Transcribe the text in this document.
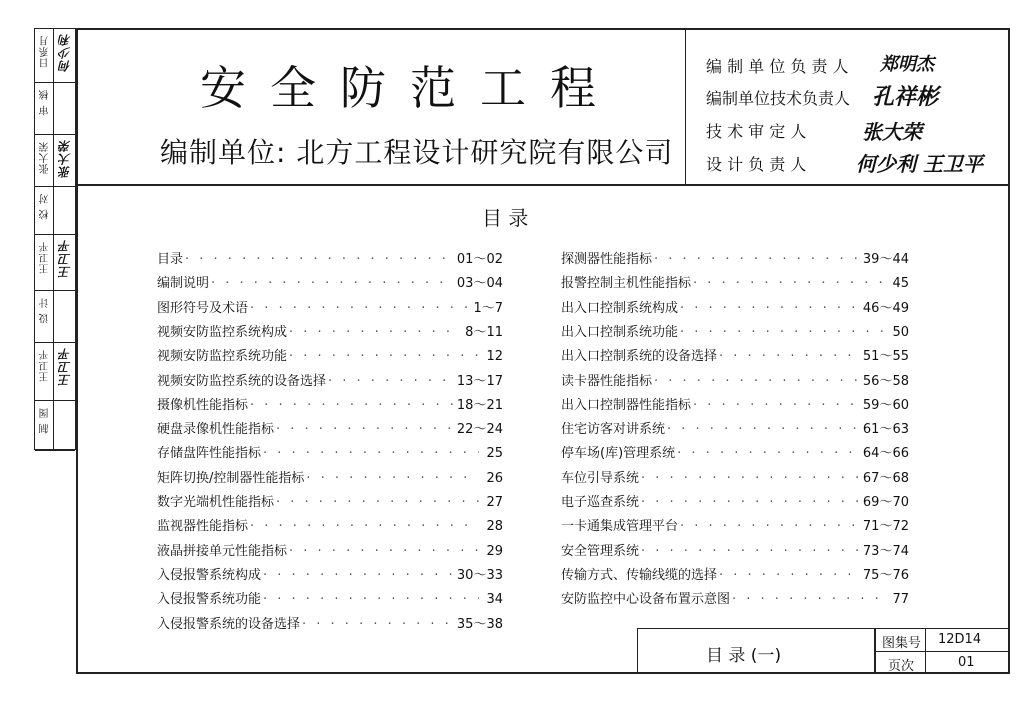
日系月 何少利
审 核
张大荣 张大荣
校 对
王卫平 王卫平
设 计
王卫平 王卫平
制 图
安全防范工程
编制单位: 北方工程设计研究院有限公司
编 制 单 位 负 责 人 郑明杰
编制单位技术负责人 孔祥彬
技 术 审 定 人	张大荣
设 计 负 责 人 何少利 王卫平
目 录
目录 · · ·	01～02
编制说明 · · ·	03～04
图形符号及术语 · · ·	1～7
视频安防监控系统构成 · · ·	8～11
视频安防监控系统功能 · · ·	12
视频安防监控系统的设备选择 · · ·	13～17
摄像机性能指标 · · ·	18～21
硬盘录像机性能指标 · · ·	22～24
存储盘阵性能指标 · · ·	25
矩阵切换/控制器性能指标 · · ·	26
数字光端机性能指标 · · ·	27
监视器性能指标 · · ·	28
液晶拼接单元性能指标 · · ·	29
入侵报警系统构成 · · ·	30～33
入侵报警系统功能 · · ·	34
入侵报警系统的设备选择 · · ·	35～38
探测器性能指标 · · ·	39～44
报警控制主机性能指标 · · ·	45
出入口控制系统构成 · · ·	46～49
出入口控制系统功能 · · ·	50
出入口控制系统的设备选择 · · ·	51～55
读卡器性能指标 · · ·	56～58
出入口控制器性能指标 · · ·	59～60
住宅访客对讲系统 · · ·	61～63
停车场(库)管理系统 · · ·	64～66
车位引导系统 · · ·	67～68
电子巡查系统 · · ·	69～70
一卡通集成管理平台 · · ·	71～72
安全管理系统 · · ·	73～74
传输方式、传输线缆的选择 · · ·	75～76
安防监控中心设备布置示意图 · · ·	77
目 录 (一)
图集号 12D14
页次	01
